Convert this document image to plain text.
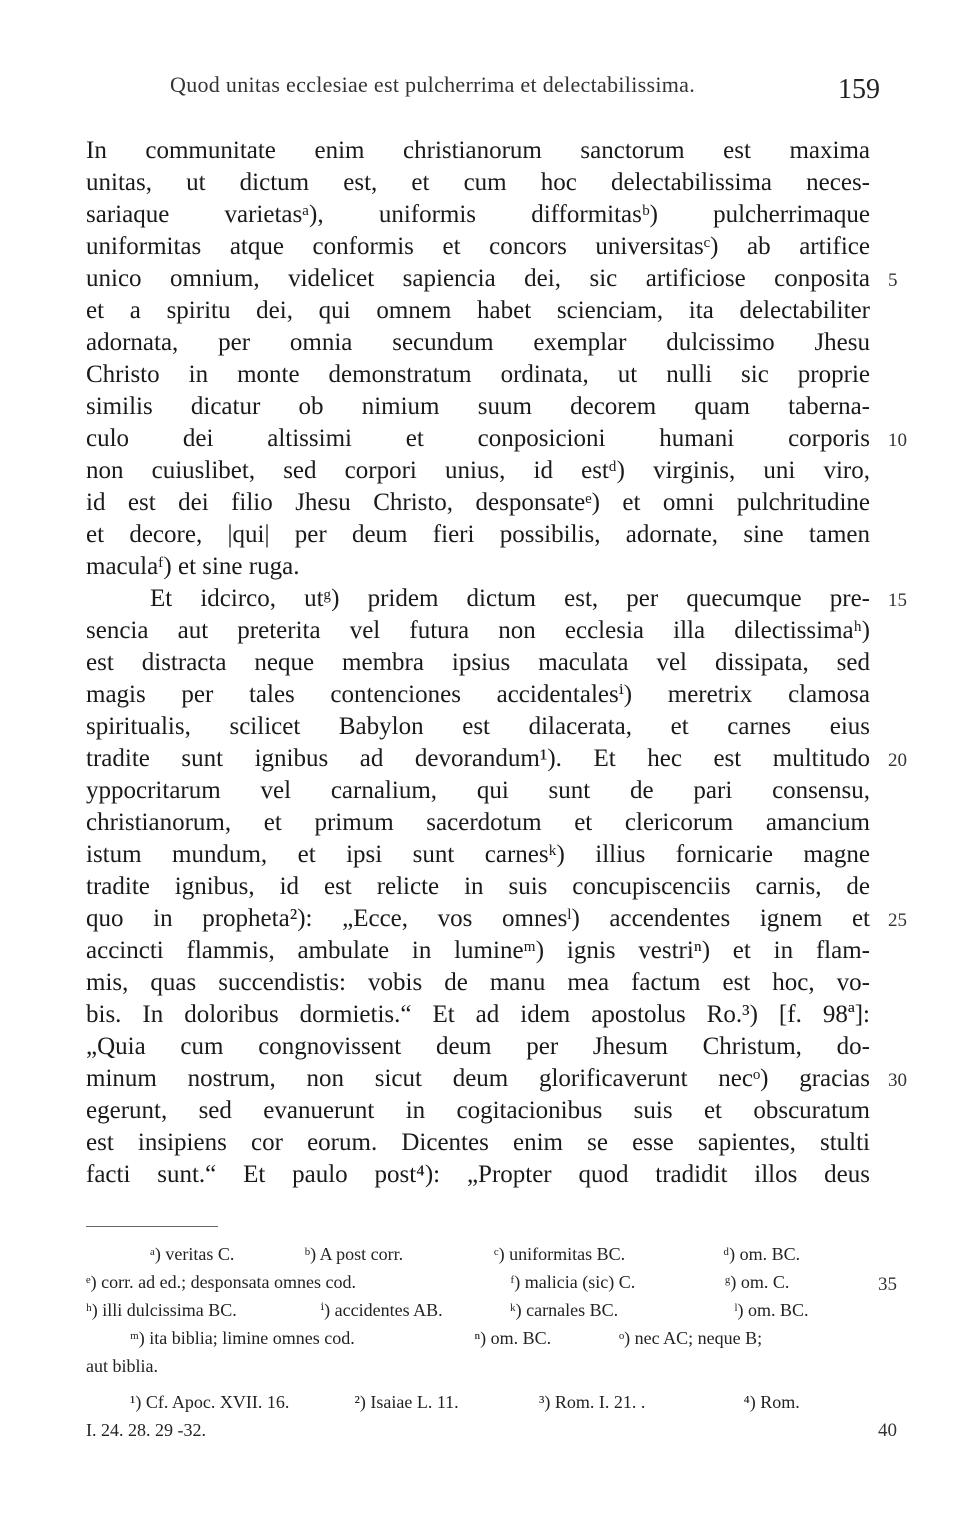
Quod unitas ecclesiae est pulcherrima et delectabilissima.	159
In communitate enim christianorum sanctorum est maxima
unitas, ut dictum est, et cum hoc delectabilissima neces-
sariaque varietasᵃ), uniformis difformitasᵇ) pulcherrimaque
uniformitas atque conformis et concors universitasᶜ) ab artifice
unico omnium, videlicet sapiencia dei, sic artificiose conposita
et a spiritu dei, qui omnem habet scienciam, ita delectabiliter
adornata, per omnia secundum exemplar dulcissimo Jhesu
Christo in monte demonstratum ordinata, ut nulli sic proprie
similis dicatur ob nimium suum decorem quam taberna-
culo dei altissimi et conposicioni humani corporis
non cuiuslibet, sed corpori unius, id estᵈ) virginis, uni viro,
id est dei filio Jhesu Christo, desponsateᵉ) et omni pulchritudine
et decore, |qui| per deum fieri possibilis, adornate, sine tamen
maculaᶠ) et sine ruga.
Et idcirco, utᵍ) pridem dictum est, per quecumque pre-
sencia aut preterita vel futura non ecclesia illa dilectissimaʰ)
est distracta neque membra ipsius maculata vel dissipata, sed
magis per tales contenciones accidentalesⁱ) meretrix clamosa
spiritualis, scilicet Babylon est dilacerata, et carnes eius
tradite sunt ignibus ad devorandum¹). Et hec est multitudo
yppocritarum vel carnalium, qui sunt de pari consensu,
christianorum, et primum sacerdotum et clericorum amancium
istum mundum, et ipsi sunt carnesᵏ) illius fornicarie magne
tradite ignibus, id est relicte in suis concupiscenciis carnis, de
quo in propheta²): „Ecce, vos omnesˡ) accendentes ignem et
accincti flammis, ambulate in lumineᵐ) ignis vestriⁿ) et in flam-
mis, quas succendistis: vobis de manu mea factum est hoc, vo-
bis. In doloribus dormietis.“ Et ad idem apostolus Ro.³) [f. 98ª]:
„Quia cum congnovissent deum per Jhesum Christum, do-
minum nostrum, non sicut deum glorificaverunt necᵒ) gracias
egerunt, sed evanuerunt in cogitacionibus suis et obscuratum
est insipiens cor eorum. Dicentes enim se esse sapientes, stulti
facti sunt.“ Et paulo post⁴): „Propter quod tradidit illos deus
5
10
15
20
25
30
ᵃ) veritas C.	ᵇ) A post corr.	ᶜ) uniformitas BC.	ᵈ) om. BC.
ᵉ) corr. ad ed.; desponsata omnes cod.	ᶠ) malicia (sic) C.	ᵍ) om. C.
ʰ) illi dulcissima BC.	ⁱ) accidentes AB.	ᵏ) carnales BC.	ˡ) om. BC.
ᵐ) ita biblia; limine omnes cod.	ⁿ) om. BC.	ᵒ) nec AC; neque B;
aut biblia.
¹) Cf. Apoc. XVII. 16.	²) Isaiae L. 11.	³) Rom. I. 21. .	⁴) Rom.
I. 24. 28. 29 -32.
35
40
